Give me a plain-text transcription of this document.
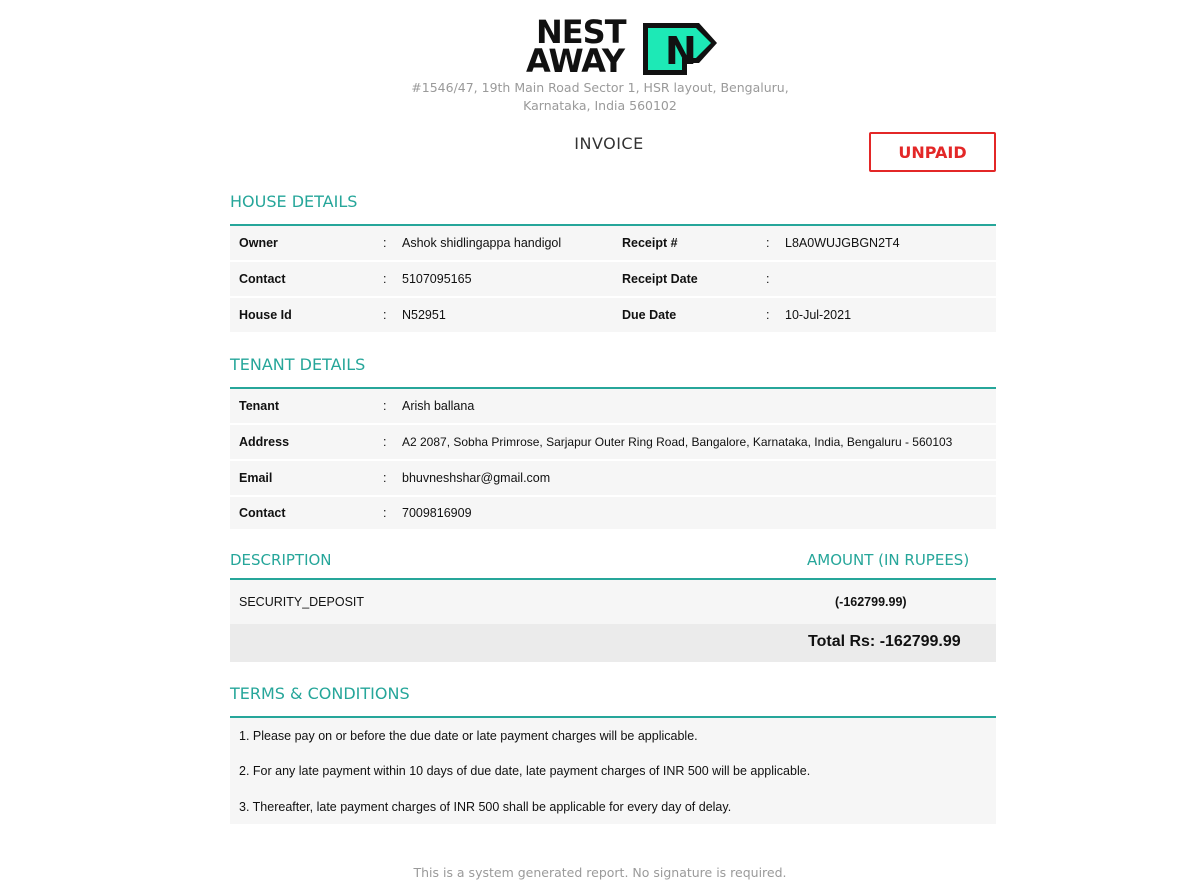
NEST
AWAY N
#1546/47, 19th Main Road Sector 1, HSR layout, Bengaluru,
Karnataka, India 560102
INVOICE	UNPAID
HOUSE DETAILS
Owner	: Ashok shidlingappa handigol	Receipt #	: L8A0WUJGBGN2T4
Contact	: 5107095165	Receipt Date	:
House Id	: N52951	Due Date	: 10-Jul-2021
TENANT DETAILS
Tenant	: Arish ballana
Address	: A2 2087, Sobha Primrose, Sarjapur Outer Ring Road, Bangalore, Karnataka, India, Bengaluru - 560103
Email	: bhuvneshshar@gmail.com
Contact	: 7009816909
DESCRIPTION	AMOUNT (IN RUPEES)
SECURITY_DEPOSIT	(-162799.99)
Total Rs: -162799.99
TERMS & CONDITIONS
1. Please pay on or before the due date or late payment charges will be applicable.
2. For any late payment within 10 days of due date, late payment charges of INR 500 will be applicable.
3. Thereafter, late payment charges of INR 500 shall be applicable for every day of delay.
This is a system generated report. No signature is required.
